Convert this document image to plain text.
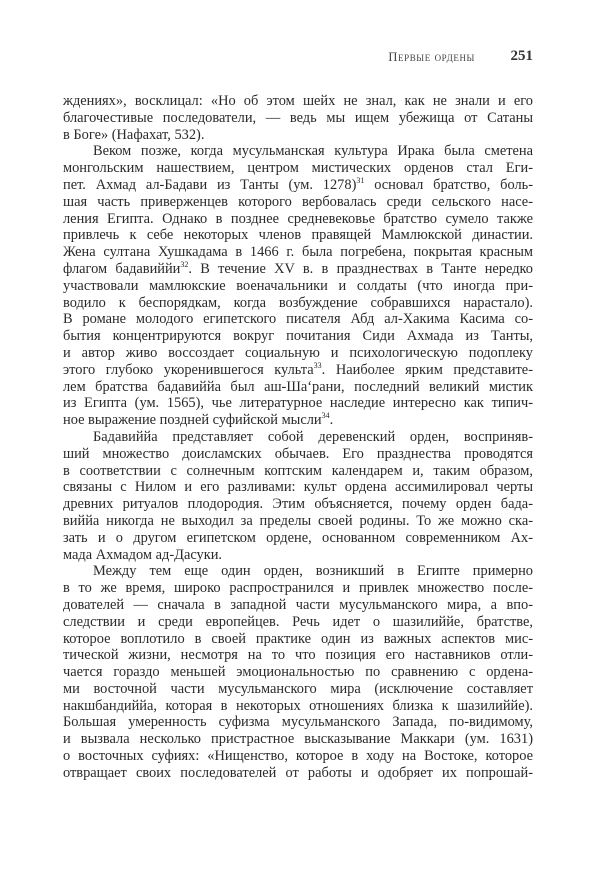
Первые ордены 251
ждениях», восклицал: «Но об этом шейх не знал, как не знали и его
благочестивые последователи, — ведь мы ищем убежища от Сатаны
в Боге» (Нафахат, 532).
Веком позже, когда мусульманская культура Ирака была сметена
монгольским нашествием, центром мистических орденов стал Еги-
пет. Ахмад ал-Бадави из Танты (ум. 1278)$^{31}$ основал братство, боль-
шая часть приверженцев которого вербовалась среди сельского насе-
ления Египта. Однако в позднее средневековье братство сумело также
привлечь к себе некоторых членов правящей Мамлюкской династии.
Жена султана Хушкадама в 1466 г. была погребена, покрытая красным
флагом бадавиййи$^{32}$. В течение XV в. в празднествах в Танте нередко
участвовали мамлюкские военачальники и солдаты (что иногда при-
водило к беспорядкам, когда возбуждение собравшихся нарастало).
В романе молодого египетского писателя Абд ал-Хакима Касима со-
бытия концентрируются вокруг почитания Сиди Ахмада из Танты,
и автор живо воссоздает социальную и психологическую подоплеку
этого глубоко укоренившегося культа$^{33}$. Наиболее ярким представите-
лем братства бадавиййа был аш-Ша‘рани, последний великий мистик
из Египта (ум. 1565), чье литературное наследие интересно как типич-
ное выражение поздней суфийской мысли$^{34}$.
Бадавиййа представляет собой деревенский орден, восприняв-
ший множество доисламских обычаев. Его празднества проводятся
в соответствии с солнечным коптским календарем и, таким образом,
связаны с Нилом и его разливами: культ ордена ассимилировал черты
древних ритуалов плодородия. Этим объясняется, почему орден бада-
виййа никогда не выходил за пределы своей родины. То же можно ска-
зать и о другом египетском ордене, основанном современником Ах-
мада Ахмадом ад-Дасуки.
Между тем еще один орден, возникший в Египте примерно
в то же время, широко распространился и привлек множество после-
дователей — сначала в западной части мусульманского мира, а впо-
следствии и среди европейцев. Речь идет о шазилиййе, братстве,
которое воплотило в своей практике один из важных аспектов мис-
тической жизни, несмотря на то что позиция его наставников отли-
чается гораздо меньшей эмоциональностью по сравнению с ордена-
ми восточной части мусульманского мира (исключение составляет
накшбандиййа, которая в некоторых отношениях близка к шазилиййе).
Большая умеренность суфизма мусульманского Запада, по-видимому,
и вызвала несколько пристрастное высказывание Маккари (ум. 1631)
о восточных суфиях: «Нищенство, которое в ходу на Востоке, которое
отвращает своих последователей от работы и одобряет их попрошай-
